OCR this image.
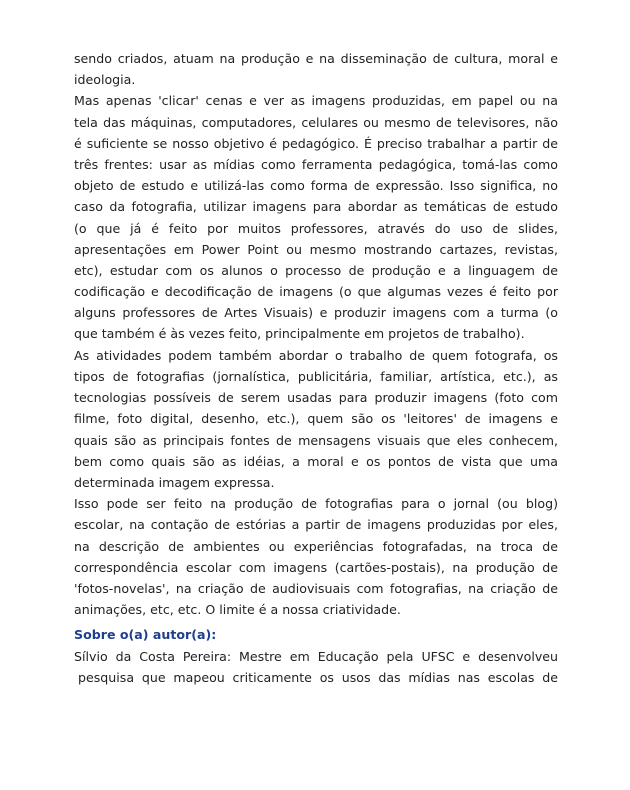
sendo criados, atuam na produção e na disseminação de cultura, moral e
ideologia.
Mas apenas 'clicar' cenas e ver as imagens produzidas, em papel ou na
tela das máquinas, computadores, celulares ou mesmo de televisores, não
é suficiente se nosso objetivo é pedagógico. É preciso trabalhar a partir de
três frentes: usar as mídias como ferramenta pedagógica, tomá-las como
objeto de estudo e utilizá-las como forma de expressão. Isso significa, no
caso da fotografia, utilizar imagens para abordar as temáticas de estudo
(o que já é feito por muitos professores, através do uso de slides,
apresentações em Power Point ou mesmo mostrando cartazes, revistas,
etc), estudar com os alunos o processo de produção e a linguagem de
codificação e decodificação de imagens (o que algumas vezes é feito por
alguns professores de Artes Visuais) e produzir imagens com a turma (o
que também é às vezes feito, principalmente em projetos de trabalho).
As atividades podem também abordar o trabalho de quem fotografa, os
tipos de fotografias (jornalística, publicitária, familiar, artística, etc.), as
tecnologias possíveis de serem usadas para produzir imagens (foto com
filme, foto digital, desenho, etc.), quem são os 'leitores' de imagens e
quais são as principais fontes de mensagens visuais que eles conhecem,
bem como quais são as idéias, a moral e os pontos de vista que uma
determinada imagem expressa.
Isso pode ser feito na produção de fotografias para o jornal (ou blog)
escolar, na contação de estórias a partir de imagens produzidas por eles,
na descrição de ambientes ou experiências fotografadas, na troca de
correspondência escolar com imagens (cartões-postais), na produção de
'fotos-novelas', na criação de audiovisuais com fotografias, na criação de
animações, etc, etc. O limite é a nossa criatividade.
Sobre o(a) autor(a):
Sílvio da Costa Pereira: Mestre em Educação pela UFSC e desenvolveu
pesquisa que mapeou criticamente os usos das mídias nas escolas de
